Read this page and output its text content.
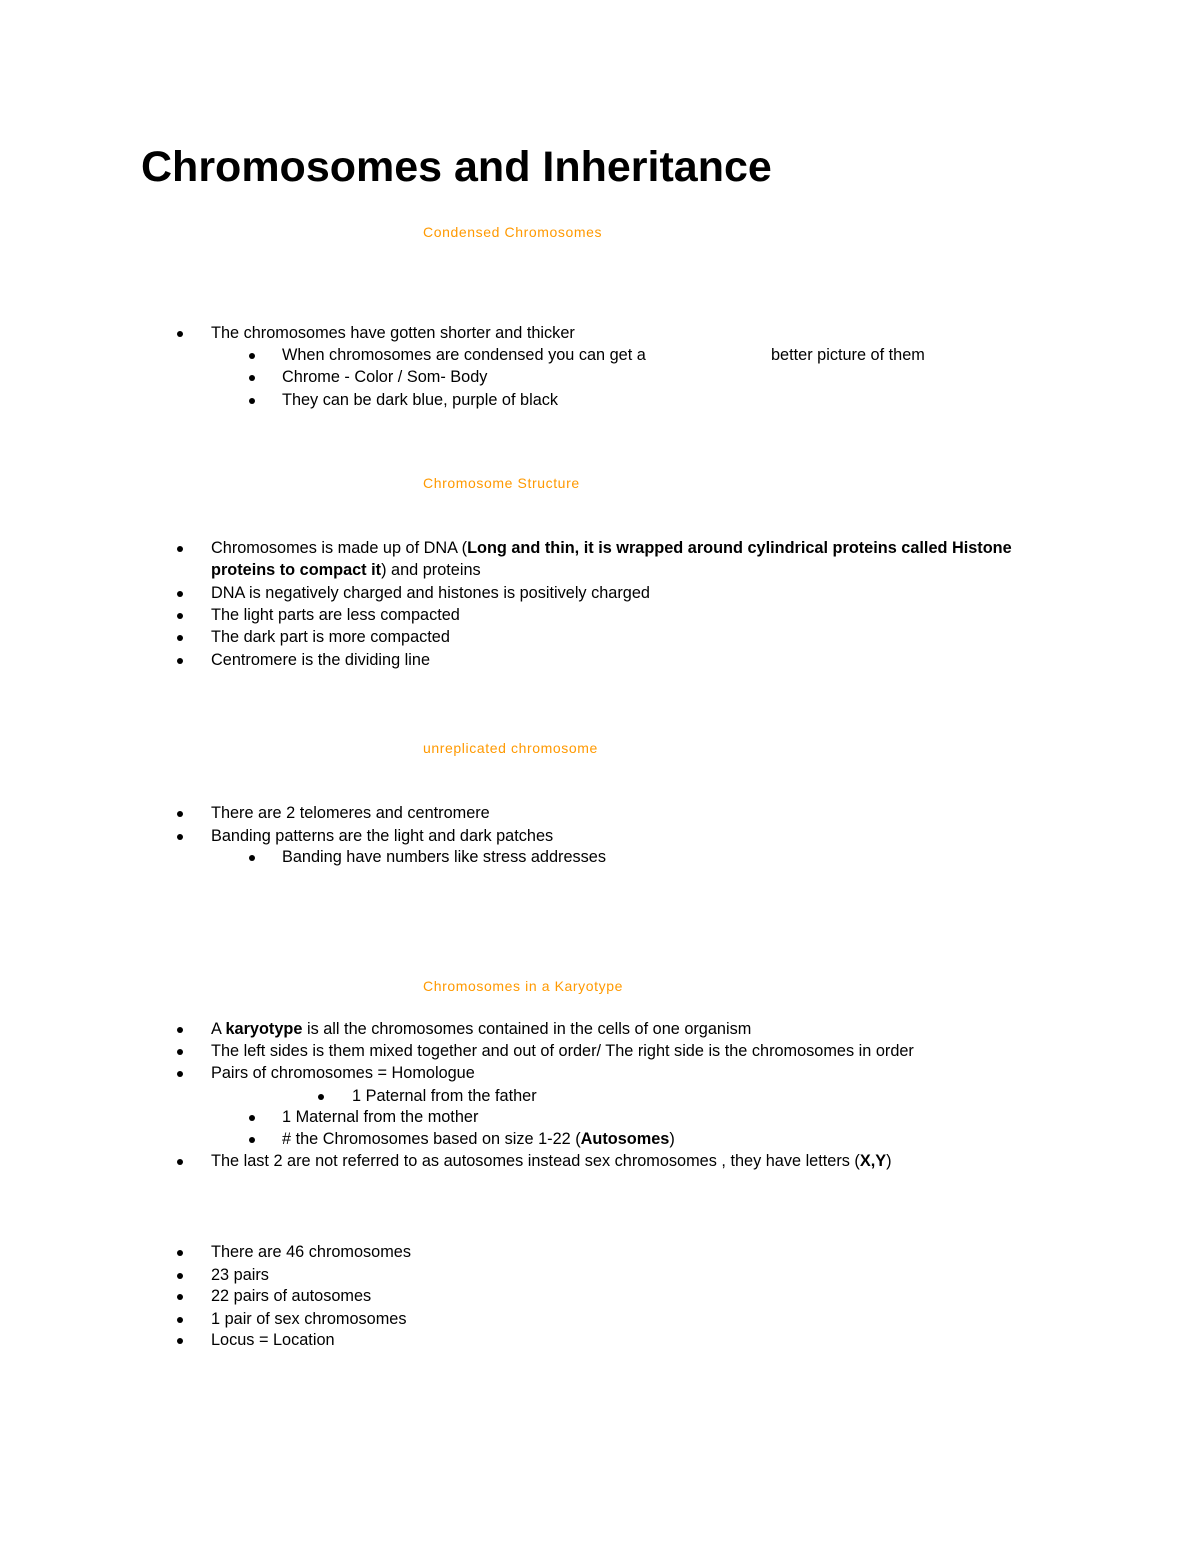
Chromosomes and Inheritance
Condensed Chromosomes
The chromosomes have gotten shorter and thicker
When chromosomes are condensed you can get a	better picture of them
Chrome - Color / Som- Body
They can be dark blue, purple of black
Chromosome Structure
Chromosomes is made up of DNA (Long and thin, it is wrapped around cylindrical proteins called Histone
proteins to compact it) and proteins
DNA is negatively charged and histones is positively charged
The light parts are less compacted
The dark part is more compacted
Centromere is the dividing line
unreplicated chromosome
There are 2 telomeres and centromere
Banding patterns are the light and dark patches
Banding have numbers like stress addresses
Chromosomes in a Karyotype
A karyotype is all the chromosomes contained in the cells of one organism
The left sides is them mixed together and out of order/ The right side is the chromosomes in order
Pairs of chromosomes = Homologue
1 Paternal from the father
1 Maternal from the mother
# the Chromosomes based on size 1-22 (Autosomes)
The last 2 are not referred to as autosomes instead sex chromosomes , they have letters (X,Y)
There are 46 chromosomes
23 pairs
22 pairs of autosomes
1 pair of sex chromosomes
Locus = Location
